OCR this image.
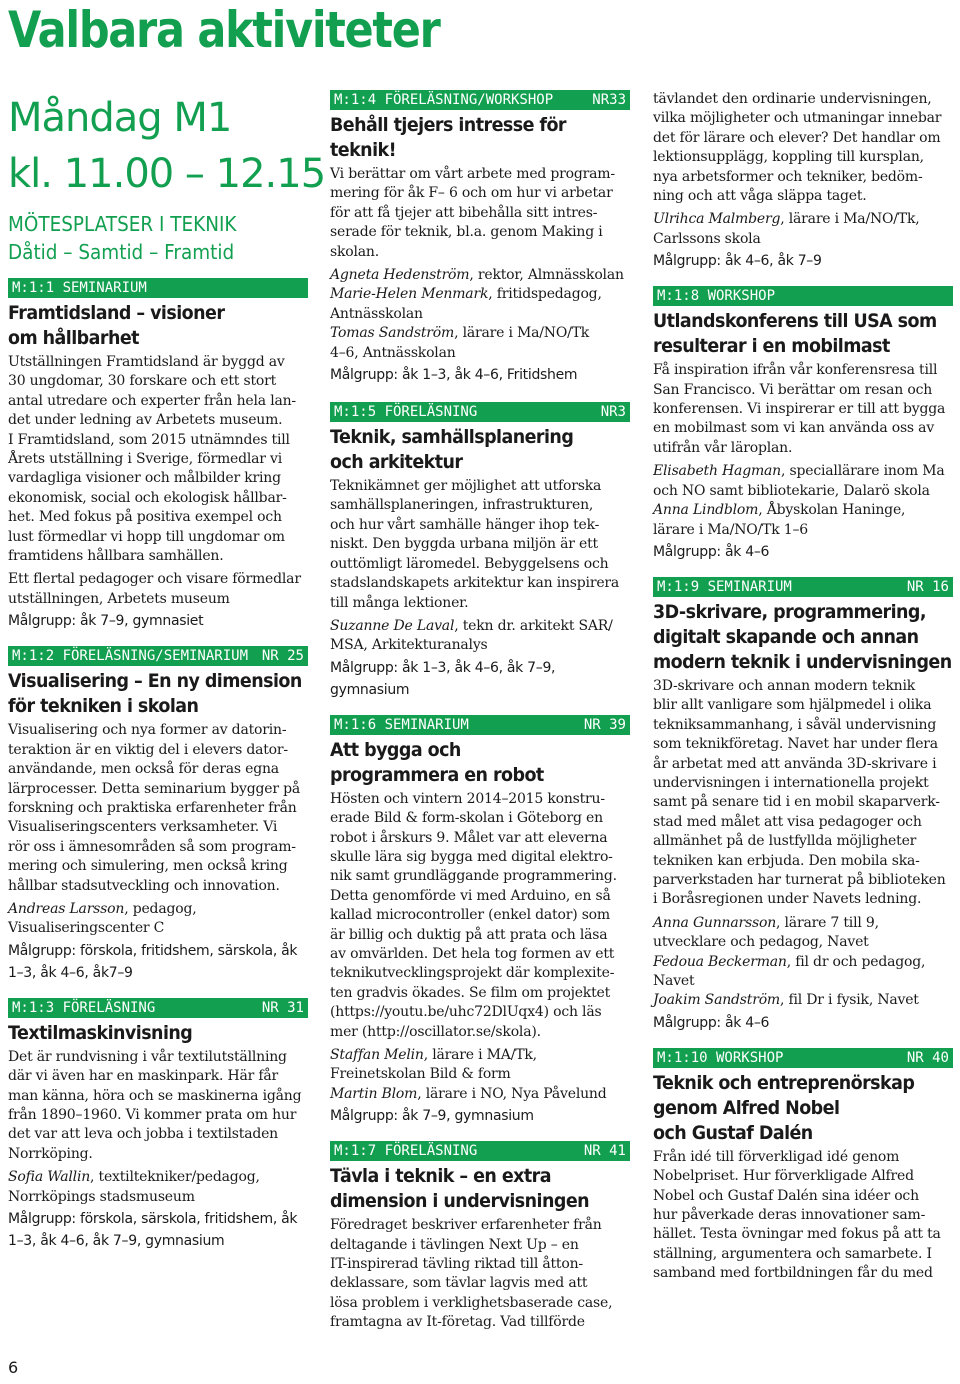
Valbara aktiviteter
Måndag M1
kl. 11.00 – 12.15
MÖTESPLATSER I TEKNIK
Dåtid – Samtid – Framtid
M:1:1 SEMINARIUM
Framtidsland – visioner
om hållbarhet
Utställningen Framtidsland är byggd av
30 ungdomar, 30 forskare och ett stort
antal utredare och experter från hela lan-
det under ledning av Arbetets museum.
I Framtidsland, som 2015 utnämndes till
Årets utställning i Sverige, förmedlar vi
vardagliga visioner och målbilder kring
ekonomisk, social och ekologisk hållbar-
het. Med fokus på positiva exempel och
lust förmedlar vi hopp till ungdomar om
framtidens hållbara samhällen.
Ett flertal pedagoger och visare förmedlar
utställningen, Arbetets museum
Målgrupp: åk 7–9, gymnasiet
M:1:2 FÖRELÄSNING/SEMINARIUM NR 25
Visualisering – En ny dimension
för tekniken i skolan
Visualisering och nya former av datorin-
teraktion är en viktig del i elevers dator-
användande, men också för deras egna
lärprocesser. Detta seminarium bygger på
forskning och praktiska erfarenheter från
Visualiseringscenters verksamheter. Vi
rör oss i ämnesområden så som program-
mering och simulering, men också kring
hållbar stadsutveckling och innovation.
Andreas Larsson, pedagog,
Visualiseringscenter C
Målgrupp: förskola, fritidshem, särskola, åk
1–3, åk 4–6, åk7–9
M:1:3 FÖRELÄSNING	NR 31
Textilmaskinvisning
Det är rundvisning i vår textilutställning
där vi även har en maskinpark. Här får
man känna, höra och se maskinerna igång
från 1890–1960. Vi kommer prata om hur
det var att leva och jobba i textilstaden
Norrköping.
Sofia Wallin, textiltekniker/pedagog,
Norrköpings stadsmuseum
Målgrupp: förskola, särskola, fritidshem, åk
1–3, åk 4–6, åk 7–9, gymnasium
M:1:4 FÖRELÄSNING/WORKSHOP	NR33
Behåll tjejers intresse för teknik!
Vi berättar om vårt arbete med program-
mering för åk F– 6 och om hur vi arbetar
för att få tjejer att bibehålla sitt intres-
serade för teknik, bl.a. genom Making i
skolan.
Agneta Hedenström, rektor, Almnässkolan
Marie-Helen Menmark, fritidspedagog,
Antnässkolan
Tomas Sandström, lärare i Ma/NO/Tk
4–6, Antnässkolan
Målgrupp: åk 1–3, åk 4–6, Fritidshem
M:1:5 FÖRELÄSNING	NR3
Teknik, samhällsplanering
och arkitektur
Teknikämnet ger möjlighet att utforska
samhällsplaneringen, infrastrukturen,
och hur vårt samhälle hänger ihop tek-
niskt. Den byggda urbana miljön är ett
outtömligt läromedel. Bebyggelsens och
stadslandskapets arkitektur kan inspirera
till många lektioner.
Suzanne De Laval, tekn dr. arkitekt SAR/
MSA, Arkitekturanalys
Målgrupp: åk 1–3, åk 4–6, åk 7–9,
gymnasium
M:1:6 SEMINARIUM	NR 39
Att bygga och
programmera en robot
Hösten och vintern 2014–2015 konstru-
erade Bild & form-skolan i Göteborg en
robot i årskurs 9. Målet var att eleverna
skulle lära sig bygga med digital elektro-
nik samt grundläggande programmering.
Detta genomförde vi med Arduino, en så
kallad microcontroller (enkel dator) som
är billig och duktig på att prata och läsa
av omvärlden. Det hela tog formen av ett
teknikutvecklingsprojekt där komplexite-
ten gradvis ökades. Se film om projektet
(https://youtu.be/uhc72DlUqx4) och läs
mer (http://oscillator.se/skola).
Staffan Melin, lärare i MA/Tk,
Freinetskolan Bild & form
Martin Blom, lärare i NO, Nya Påvelund
Målgrupp: åk 7–9, gymnasium
M:1:7 FÖRELÄSNING	NR 41
Tävla i teknik – en extra
dimension i undervisningen
Föredraget beskriver erfarenheter från
deltagande i tävlingen Next Up – en
IT-inspirerad tävling riktad till åtton-
deklassare, som tävlar lagvis med att
lösa problem i verklighetsbaserade case,
framtagna av It-företag. Vad tillförde
tävlandet den ordinarie undervisningen,
vilka möjligheter och utmaningar innebar
det för lärare och elever? Det handlar om
lektionsupplägg, koppling till kursplan,
nya arbetsformer och tekniker, bedöm-
ning och att våga släppa taget.
Ulrihca Malmberg, lärare i Ma/NO/Tk,
Carlssons skola
Målgrupp: åk 4–6, åk 7–9
M:1:8 WORKSHOP
Utlandskonferens till USA som
resulterar i en mobilmast
Få inspiration ifrån vår konferensresa till
San Francisco. Vi berättar om resan och
konferensen. Vi inspirerar er till att bygga
en mobilmast som vi kan använda oss av
utifrån vår läroplan.
Elisabeth Hagman, speciallärare inom Ma
och NO samt bibliotekarie, Dalarö skola
Anna Lindblom, Åbyskolan Haninge,
lärare i Ma/NO/Tk 1–6
Målgrupp: åk 4–6
M:1:9 SEMINARIUM	NR 16
3D-skrivare, programmering,
digitalt skapande och annan
modern teknik i undervisningen
3D-skrivare och annan modern teknik
blir allt vanligare som hjälpmedel i olika
tekniksammanhang, i såväl undervisning
som teknikföretag. Navet har under flera
år arbetat med att använda 3D-skrivare i
undervisningen i internationella projekt
samt på senare tid i en mobil skaparverk-
stad med målet att visa pedagoger och
allmänhet på de lustfyllda möjligheter
tekniken kan erbjuda. Den mobila ska-
parverkstaden har turnerat på biblioteken
i Boråsregionen under Navets ledning.
Anna Gunnarsson, lärare 7 till 9,
utvecklare och pedagog, Navet
Fedoua Beckerman, fil dr och pedagog,
Navet
Joakim Sandström, fil Dr i fysik, Navet
Målgrupp: åk 4–6
M:1:10 WORKSHOP	NR 40
Teknik och entreprenörskap
genom Alfred Nobel
och Gustaf Dalén
Från idé till förverkligad idé genom
Nobelpriset. Hur förverkligade Alfred
Nobel och Gustaf Dalén sina idéer och
hur påverkade deras innovationer sam-
hället. Testa övningar med fokus på att ta
ställning, argumentera och samarbete. I
samband med fortbildningen får du med
6
